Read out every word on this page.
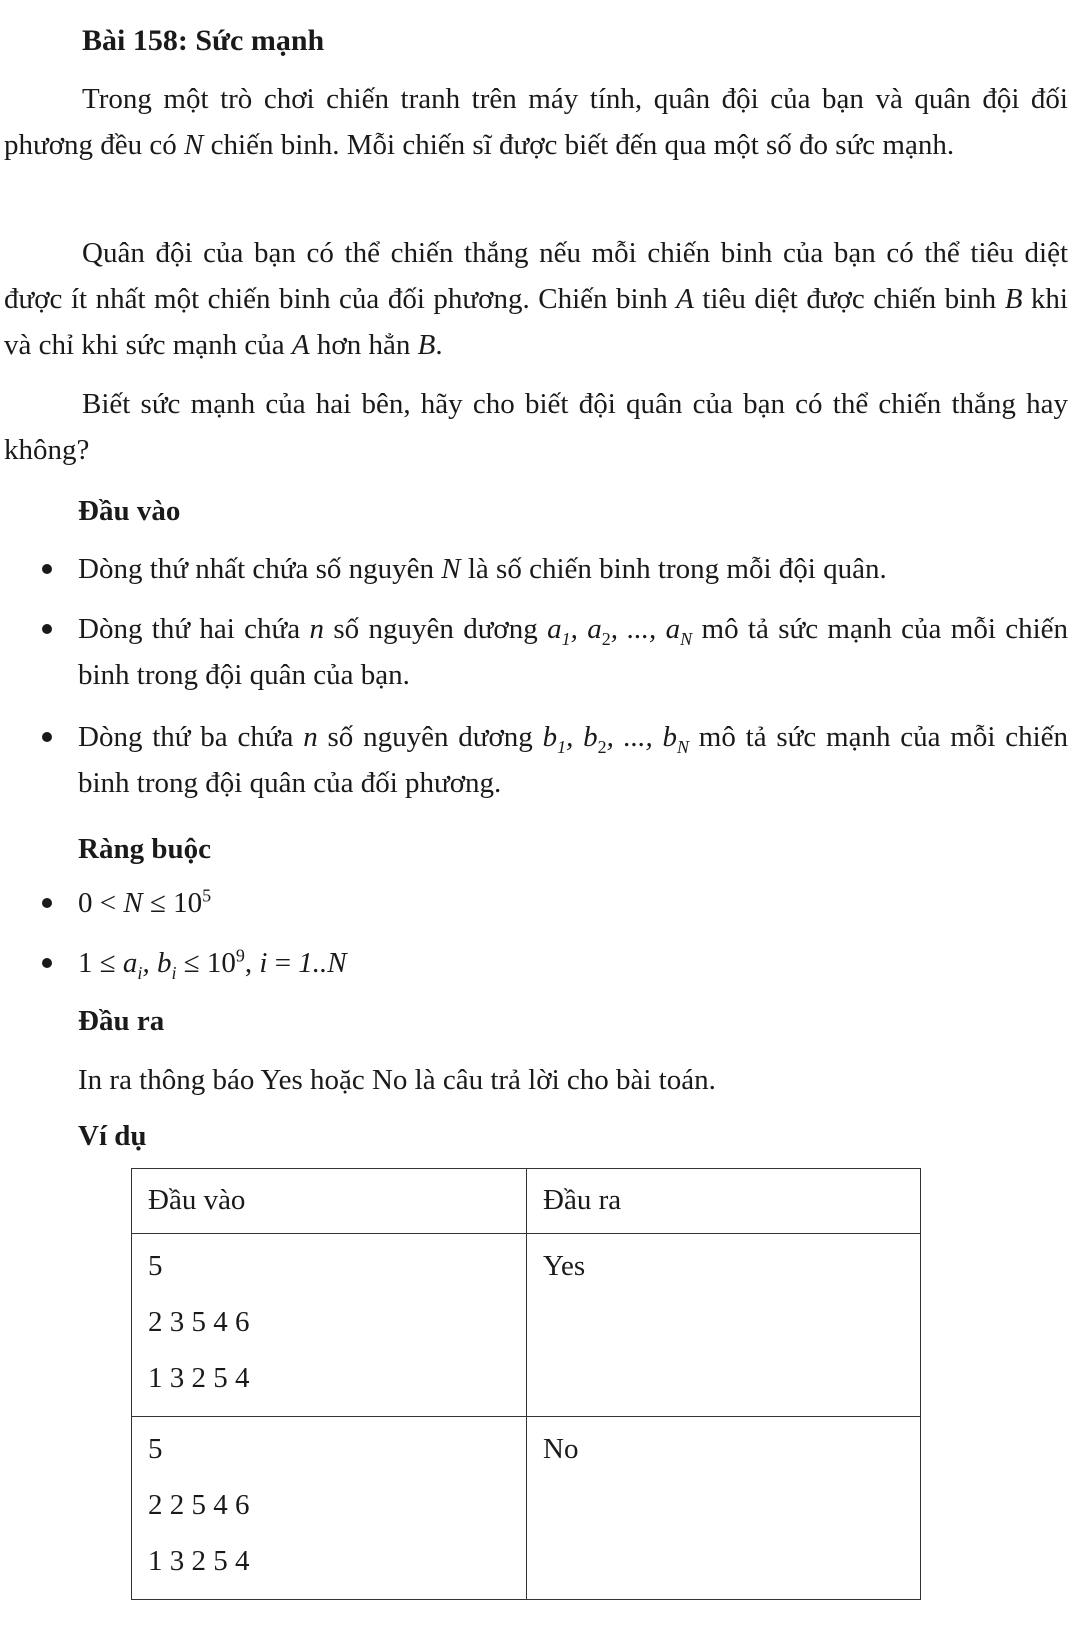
Bài 158: Sức mạnh
Trong một trò chơi chiến tranh trên máy tính, quân đội của bạn và quân đội đối phương đều có N chiến binh. Mỗi chiến sĩ được biết đến qua một số đo sức mạnh.
Quân đội của bạn có thể chiến thắng nếu mỗi chiến binh của bạn có thể tiêu diệt được ít nhất một chiến binh của đối phương. Chiến binh A tiêu diệt được chiến binh B khi và chỉ khi sức mạnh của A hơn hẳn B.
Biết sức mạnh của hai bên, hãy cho biết đội quân của bạn có thể chiến thắng hay không?
Đầu vào
Dòng thứ nhất chứa số nguyên N là số chiến binh trong mỗi đội quân.
Dòng thứ hai chứa n số nguyên dương $a_1$, $a_2$, ..., $a_N$ mô tả sức mạnh của mỗi chiến binh trong đội quân của bạn.
Dòng thứ ba chứa n số nguyên dương $b_1$, $b_2$, ..., $b_N$ mô tả sức mạnh của mỗi chiến binh trong đội quân của đối phương.
Ràng buộc
$0 < N \le 10^5$
$1 \le a_i$, $b_i \le 10^9$, i = 1..N
Đầu ra
In ra thông báo Yes hoặc No là câu trả lời cho bài toán.
Ví dụ
Đầu vào	Đầu ra

5
2 3 5 4 6
1 3 2 5 4	Yes

5
2 2 5 4 6
1 3 2 5 4	No
